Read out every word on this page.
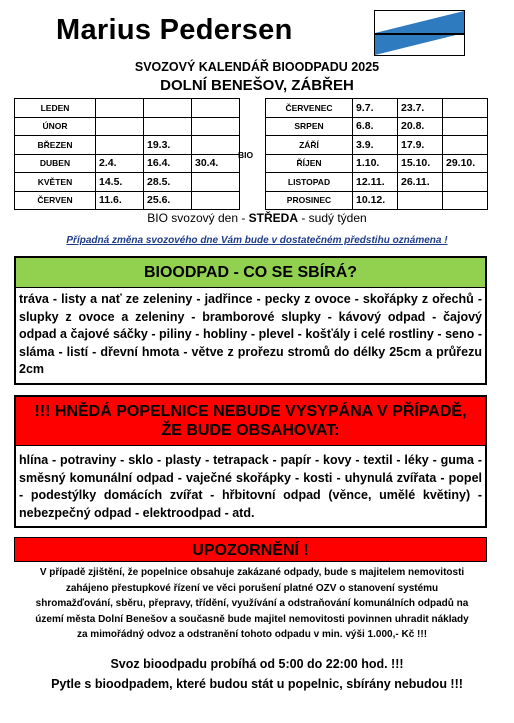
Marius Pedersen
SVOZOVÝ KALENDÁŘ BIOODPADU 2025
DOLNÍ BENEŠOV, ZÁBŘEH
LEDEN			
ÚNOR			
BŘEZEN		19.3.	
DUBEN	2.4.	16.4.	30.4.
KVĚTEN	14.5.	28.5.	
ČERVEN	11.6.	25.6.	
BIO
ČERVENEC	9.7.	23.7.	
SRPEN	6.8.	20.8.	
ZÁŘÍ	3.9.	17.9.	
ŘÍJEN	1.10.	15.10.	29.10.
LISTOPAD	12.11.	26.11.	
PROSINEC	10.12.		
BIO svozový den - STŘEDA - sudý týden
Případná změna svozového dne Vám bude v dostatečném předstihu oznámena !
BIOODPAD - CO SE SBÍRÁ?
tráva - listy a nať ze zeleniny - jadřince - pecky z ovoce - skořápky z ořechů - slupky z ovoce a zeleniny - bramborové slupky - kávový odpad - čajový odpad a čajové sáčky - piliny - hobliny - plevel - košťály i celé rostliny - seno - sláma - listí - dřevní hmota - větve z prořezu stromů do délky 25cm a průřezu 2cm
!!! HNĚDÁ POPELNICE NEBUDE VYSYPÁNA V PŘÍPADĚ, ŽE BUDE OBSAHOVAT:
hlína - potraviny - sklo - plasty - tetrapack - papír - kovy - textil - léky - guma - směsný komunální odpad - vaječné skořápky - kosti - uhynulá zvířata - popel - podestýlky domácích zvířat - hřbitovní odpad (věnce, umělé květiny) - nebezpečný odpad - elektroodpad - atd.
UPOZORNĚNÍ !
V případě zjištění, že popelnice obsahuje zakázané odpady, bude s majitelem nemovitosti zahájeno přestupkové řízení ve věci porušení platné OZV o stanovení systému shromažďování, sběru, přepravy, třídění, využívání a odstraňování komunálních odpadů na území města Dolní Benešov a současně bude majitel nemovitosti povinnen uhradit náklady za mimořádný odvoz a odstranění tohoto odpadu v min. výši 1.000,- Kč !!!
Svoz bioodpadu probíhá od 5:00 do 22:00 hod. !!!
Pytle s bioodpadem, které budou stát u popelnic, sbírány nebudou !!!
